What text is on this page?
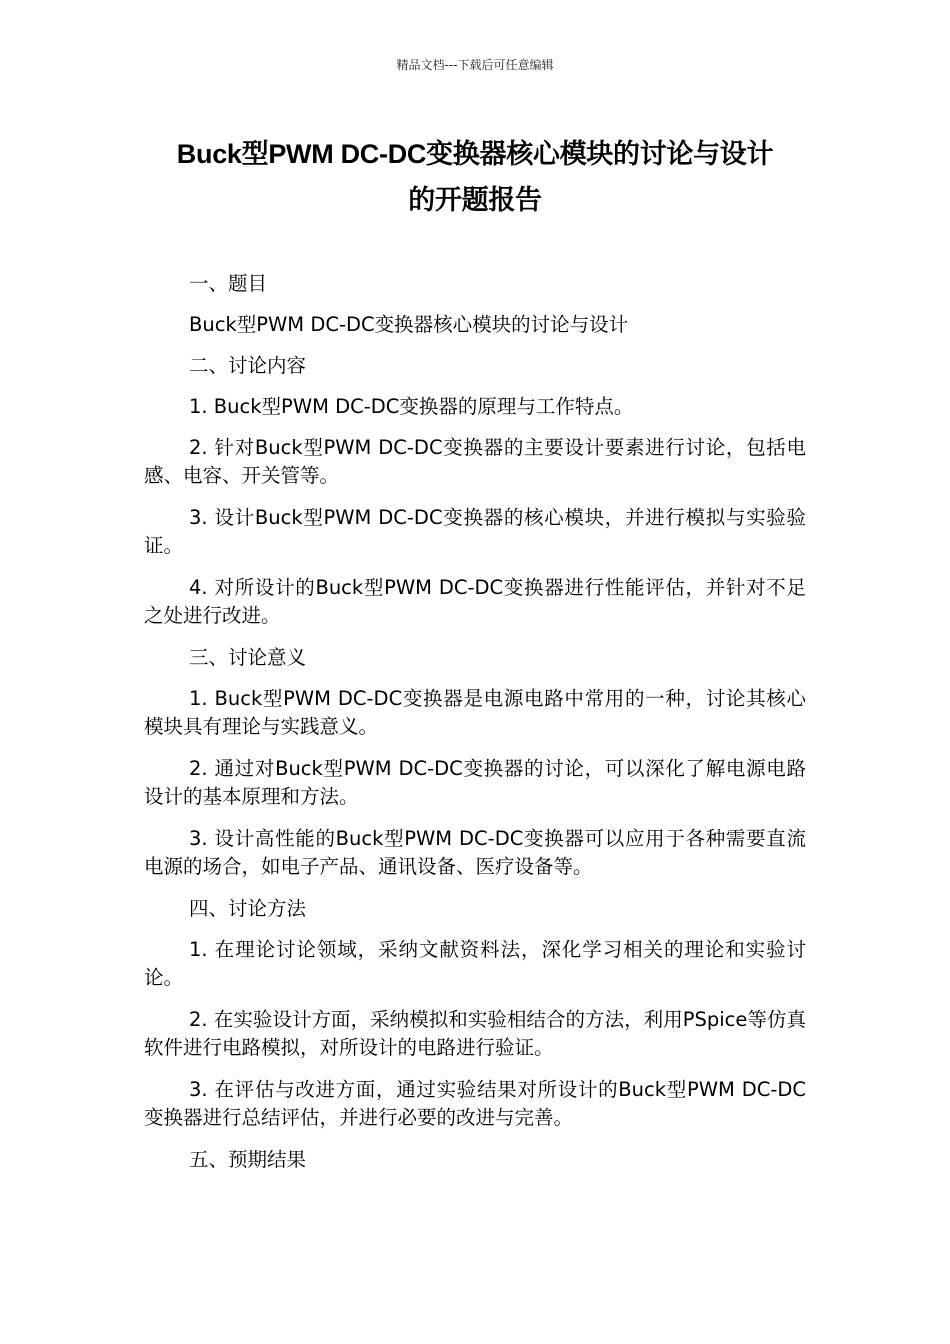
精品文档---下载后可任意编辑
Buck型PWM DC-DC变换器核心模块的讨论与设计
的开题报告

一、题目

Buck型PWM DC-DC变换器核心模块的讨论与设计

二、讨论内容

1. Buck型PWM DC-DC变换器的原理与工作特点。

2. 针对Buck型PWM DC-DC变换器的主要设计要素进行讨论，包括电感、电容、开关管等。

3. 设计Buck型PWM DC-DC变换器的核心模块，并进行模拟与实验验证。

4. 对所设计的Buck型PWM DC-DC变换器进行性能评估，并针对不足之处进行改进。

三、讨论意义

1. Buck型PWM DC-DC变换器是电源电路中常用的一种，讨论其核心模块具有理论与实践意义。

2. 通过对Buck型PWM DC-DC变换器的讨论，可以深化了解电源电路设计的基本原理和方法。

3. 设计高性能的Buck型PWM DC-DC变换器可以应用于各种需要直流电源的场合，如电子产品、通讯设备、医疗设备等。

四、讨论方法

1. 在理论讨论领域，采纳文献资料法，深化学习相关的理论和实验讨论。

2. 在实验设计方面，采纳模拟和实验相结合的方法，利用PSpice等仿真软件进行电路模拟，对所设计的电路进行验证。

3. 在评估与改进方面，通过实验结果对所设计的Buck型PWM DC-DC变换器进行总结评估，并进行必要的改进与完善。

五、预期结果
